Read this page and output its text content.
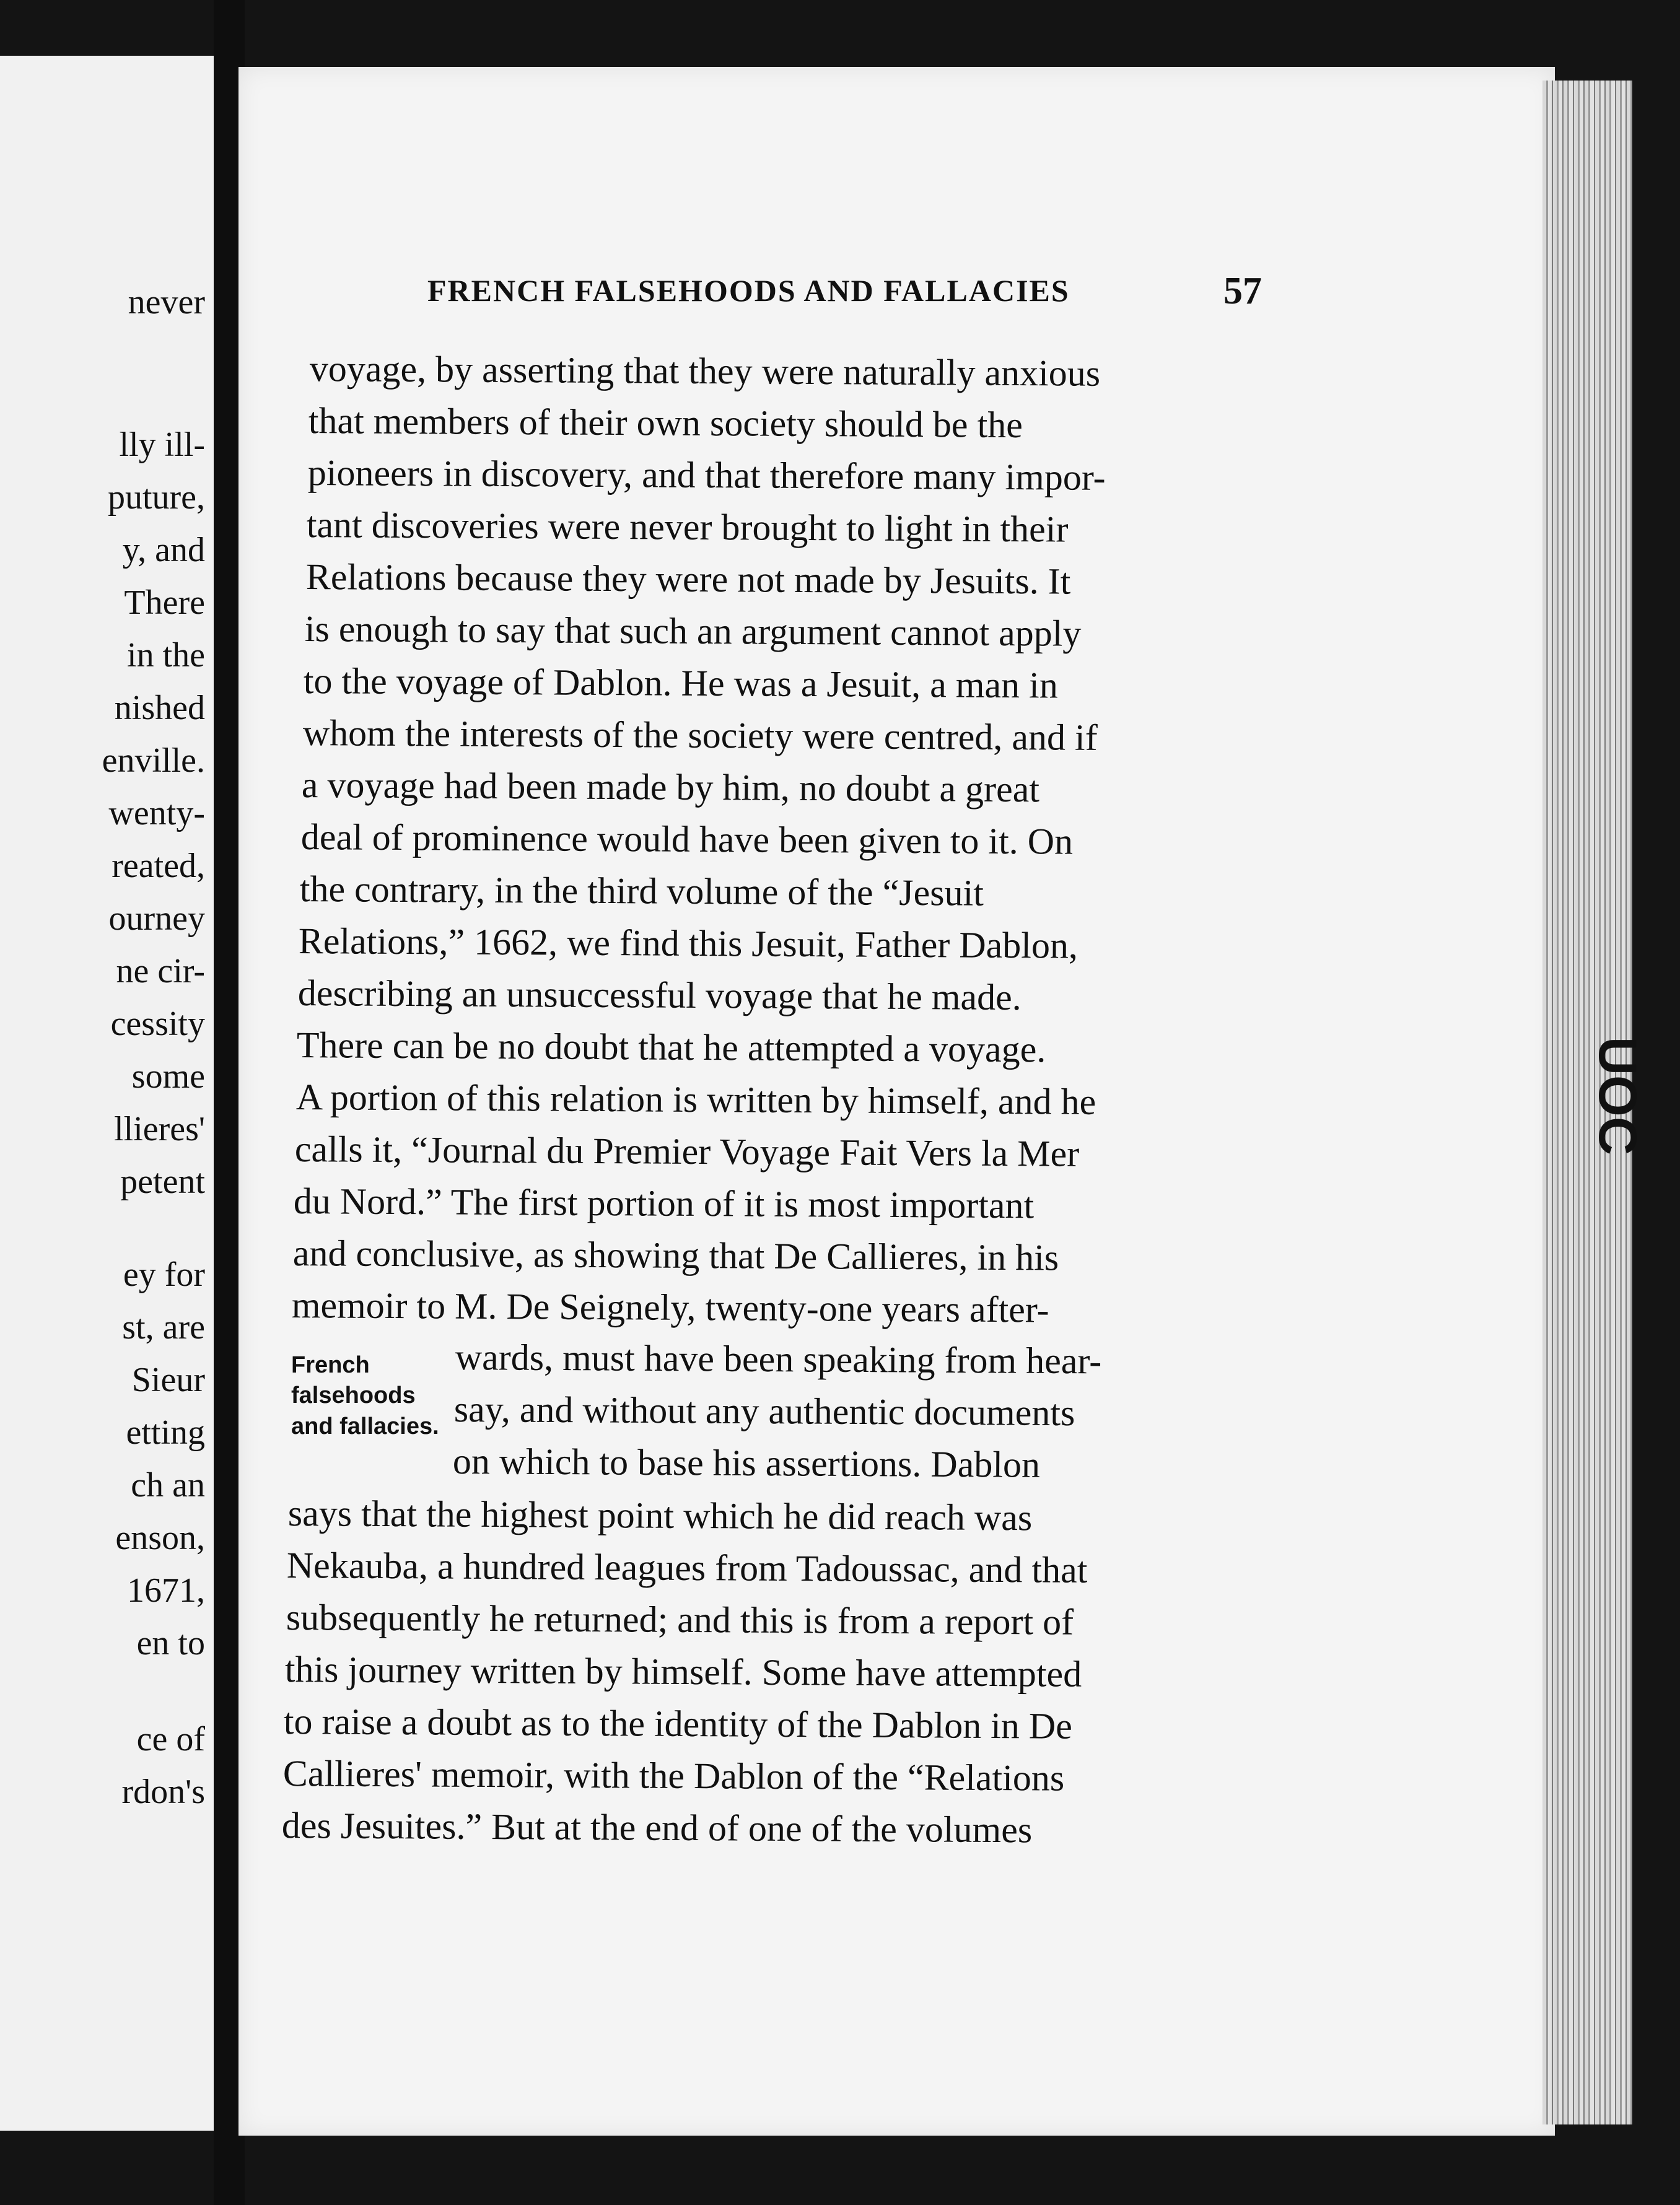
never
lly ill-
puture,
y, and
There
in the
nished
enville.
wenty-
reated,
ourney
ne cir-
cessity
some
llieres'
petent
ey for
st, are
Sieur
etting
ch an
enson,
1671,
en to
ce of
rdon's
UOC
FRENCH FALSEHOODS AND FALLACIES	57
French
falsehoods
and fallacies.
voyage, by asserting that they were naturally anxious
that members of their own society should be the
pioneers in discovery, and that therefore many impor-
tant discoveries were never brought to light in their
Relations because they were not made by Jesuits. It
is enough to say that such an argument cannot apply
to the voyage of Dablon. He was a Jesuit, a man in
whom the interests of the society were centred, and if
a voyage had been made by him, no doubt a great
deal of prominence would have been given to it. On
the contrary, in the third volume of the “Jesuit
Relations,” 1662, we find this Jesuit, Father Dablon,
describing an unsuccessful voyage that he made.
There can be no doubt that he attempted a voyage.
A portion of this relation is written by himself, and he
calls it, “Journal du Premier Voyage Fait Vers la Mer
du Nord.” The first portion of it is most important
and conclusive, as showing that De Callieres, in his
memoir to M. De Seignely, twenty-one years after-
wards, must have been speaking from hear-
say, and without any authentic documents
on which to base his assertions. Dablon
says that the highest point which he did reach was
Nekauba, a hundred leagues from Tadoussac, and that
subsequently he returned; and this is from a report of
this journey written by himself. Some have attempted
to raise a doubt as to the identity of the Dablon in De
Callieres' memoir, with the Dablon of the “Relations
des Jesuites.” But at the end of one of the volumes
